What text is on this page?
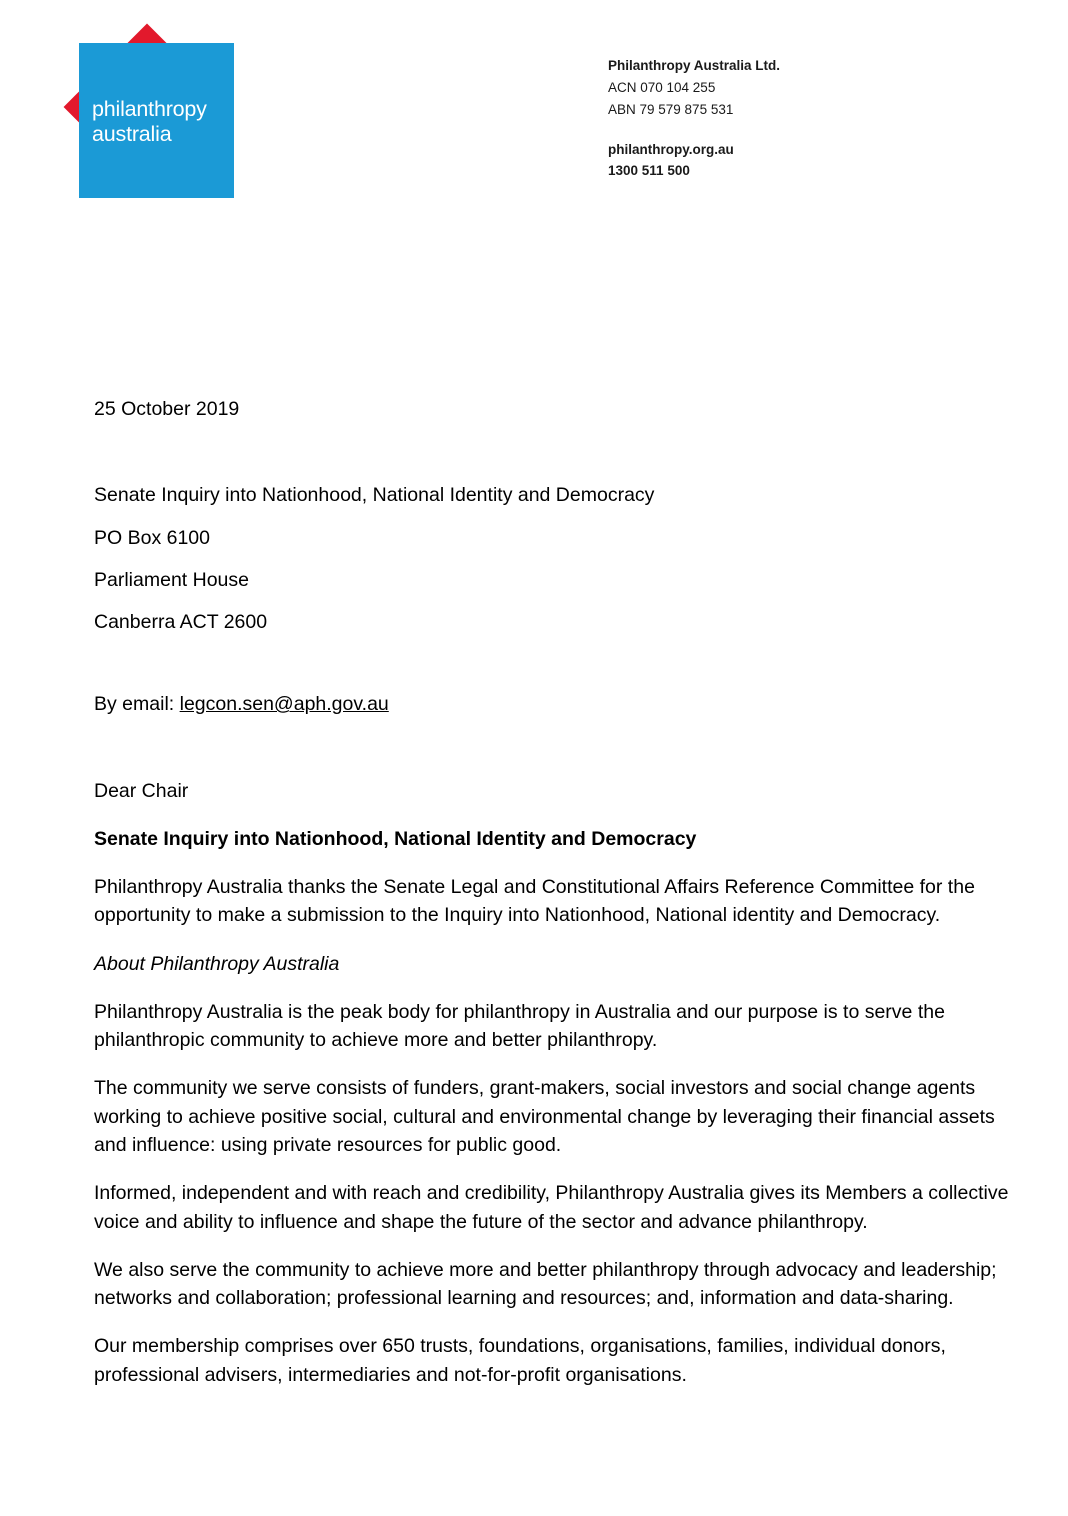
philanthropy
australia
Philanthropy Australia Ltd.
ACN 070 104 255
ABN 79 579 875 531
philanthropy.org.au
1300 511 500
25 October 2019
Senate Inquiry into Nationhood, National Identity and Democracy
PO Box 6100
Parliament House
Canberra ACT 2600
By email: legcon.sen@aph.gov.au
Dear Chair
Senate Inquiry into Nationhood, National Identity and Democracy
Philanthropy Australia thanks the Senate Legal and Constitutional Affairs Reference Committee for the opportunity to make a submission to the Inquiry into Nationhood, National identity and Democracy.
About Philanthropy Australia
Philanthropy Australia is the peak body for philanthropy in Australia and our purpose is to serve the philanthropic community to achieve more and better philanthropy.
The community we serve consists of funders, grant-makers, social investors and social change agents working to achieve positive social, cultural and environmental change by leveraging their financial assets and influence: using private resources for public good.
Informed, independent and with reach and credibility, Philanthropy Australia gives its Members a collective voice and ability to influence and shape the future of the sector and advance philanthropy.
We also serve the community to achieve more and better philanthropy through advocacy and leadership; networks and collaboration; professional learning and resources; and, information and data-sharing.
Our membership comprises over 650 trusts, foundations, organisations, families, individual donors, professional advisers, intermediaries and not-for-profit organisations.
